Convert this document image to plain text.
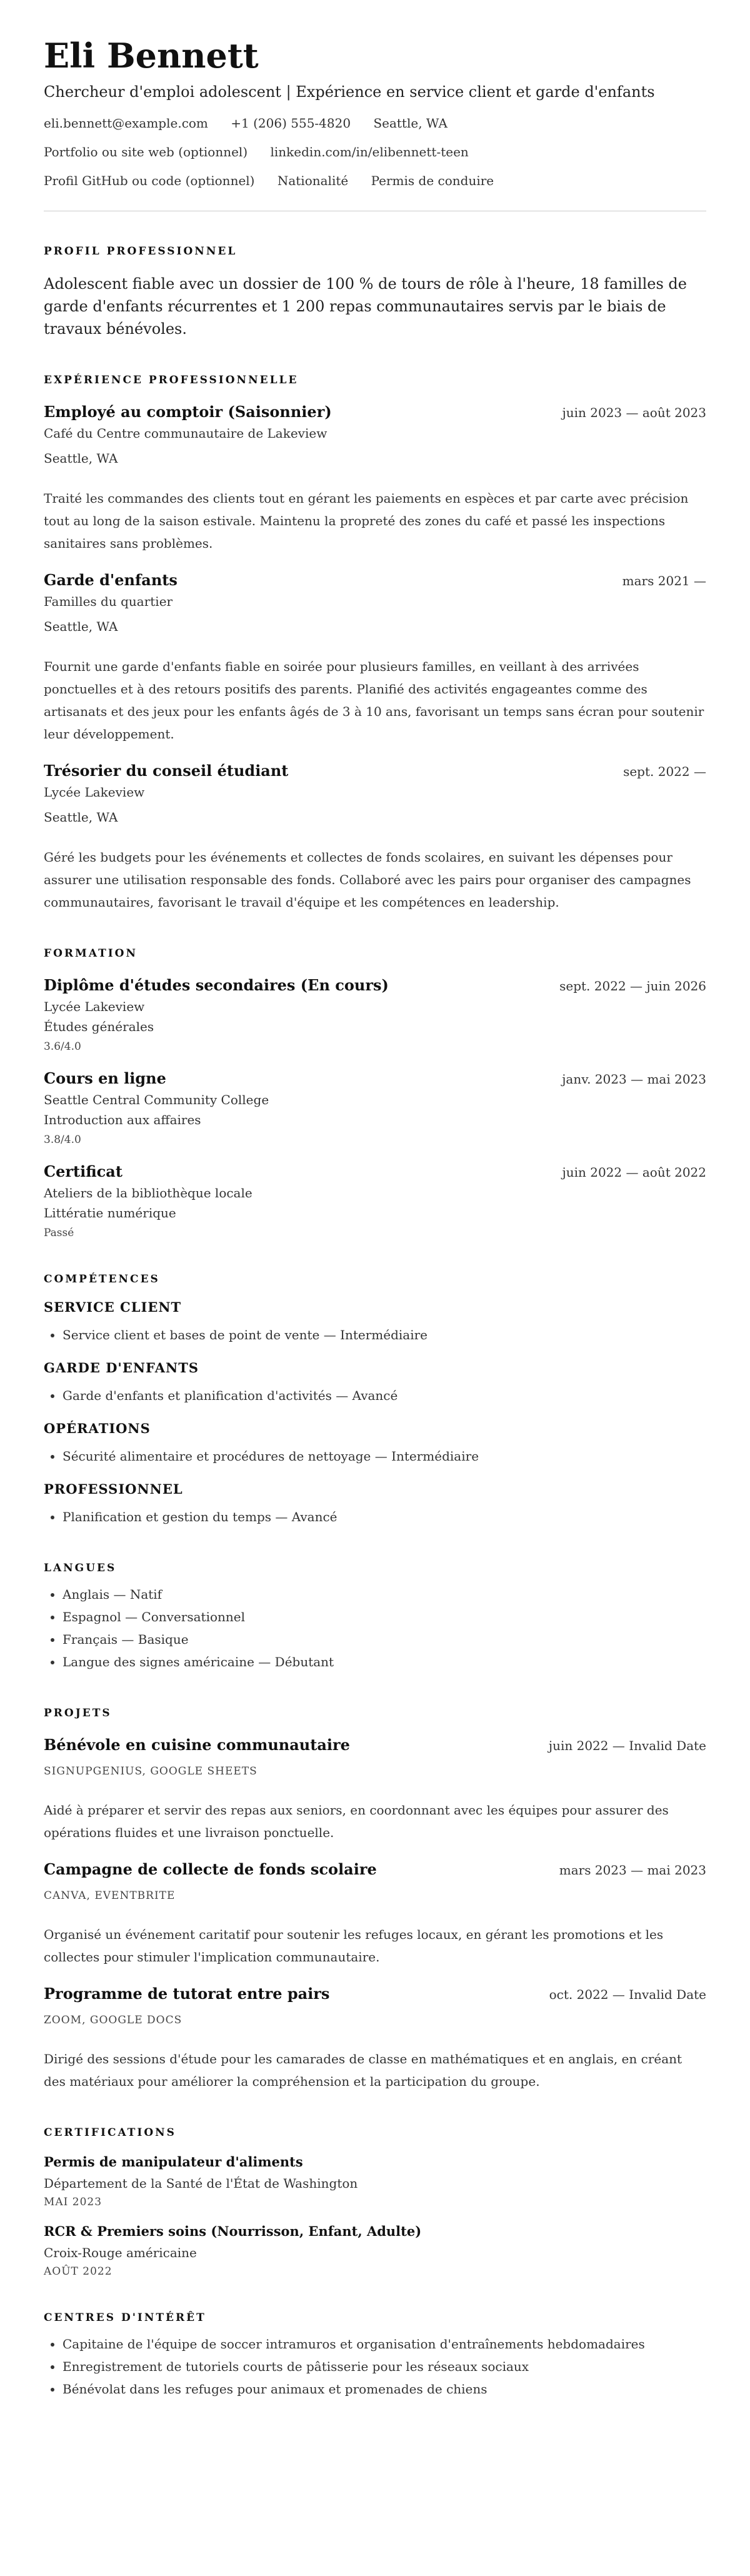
Eli Bennett
Chercheur d'emploi adolescent | Expérience en service client et garde d'enfants
eli.bennett@example.com +1 (206) 555-4820 Seattle, WA
Portfolio ou site web (optionnel) linkedin.com/in/elibennett-teen
Profil GitHub ou code (optionnel) Nationalité Permis de conduire
PROFIL PROFESSIONNEL
Adolescent fiable avec un dossier de 100 % de tours de rôle à l'heure, 18 familles de garde d'enfants récurrentes et 1 200 repas communautaires servis par le biais de travaux bénévoles.
EXPÉRIENCE PROFESSIONNELLE
Employé au comptoir (Saisonnier)	juin 2023 — août 2023
Café du Centre communautaire de Lakeview
Seattle, WA
Traité les commandes des clients tout en gérant les paiements en espèces et par carte avec précision tout au long de la saison estivale. Maintenu la propreté des zones du café et passé les inspections sanitaires sans problèmes.
Garde d'enfants	mars 2021 —
Familles du quartier
Seattle, WA
Fournit une garde d'enfants fiable en soirée pour plusieurs familles, en veillant à des arrivées ponctuelles et à des retours positifs des parents. Planifié des activités engageantes comme des artisanats et des jeux pour les enfants âgés de 3 à 10 ans, favorisant un temps sans écran pour soutenir leur développement.
Trésorier du conseil étudiant	sept. 2022 —
Lycée Lakeview
Seattle, WA
Géré les budgets pour les événements et collectes de fonds scolaires, en suivant les dépenses pour assurer une utilisation responsable des fonds. Collaboré avec les pairs pour organiser des campagnes communautaires, favorisant le travail d'équipe et les compétences en leadership.
FORMATION
Diplôme d'études secondaires (En cours)	sept. 2022 — juin 2026
Lycée Lakeview
Études générales
3.6/4.0
Cours en ligne	janv. 2023 — mai 2023
Seattle Central Community College
Introduction aux affaires
3.8/4.0
Certificat	juin 2022 — août 2022
Ateliers de la bibliothèque locale
Littératie numérique
Passé
COMPÉTENCES
SERVICE CLIENT
• Service client et bases de point de vente — Intermédiaire
GARDE D'ENFANTS
• Garde d'enfants et planification d'activités — Avancé
OPÉRATIONS
• Sécurité alimentaire et procédures de nettoyage — Intermédiaire
PROFESSIONNEL
• Planification et gestion du temps — Avancé
LANGUES
• Anglais — Natif
• Espagnol — Conversationnel
• Français — Basique
• Langue des signes américaine — Débutant
PROJETS
Bénévole en cuisine communautaire	juin 2022 — Invalid Date
SIGNUPGENIUS, GOOGLE SHEETS
Aidé à préparer et servir des repas aux seniors, en coordonnant avec les équipes pour assurer des opérations fluides et une livraison ponctuelle.
Campagne de collecte de fonds scolaire	mars 2023 — mai 2023
CANVA, EVENTBRITE
Organisé un événement caritatif pour soutenir les refuges locaux, en gérant les promotions et les collectes pour stimuler l'implication communautaire.
Programme de tutorat entre pairs	oct. 2022 — Invalid Date
ZOOM, GOOGLE DOCS
Dirigé des sessions d'étude pour les camarades de classe en mathématiques et en anglais, en créant des matériaux pour améliorer la compréhension et la participation du groupe.
CERTIFICATIONS
Permis de manipulateur d'aliments
Département de la Santé de l'État de Washington
MAI 2023
RCR & Premiers soins (Nourrisson, Enfant, Adulte)
Croix-Rouge américaine
AOÛT 2022
CENTRES D'INTÉRÊT
• Capitaine de l'équipe de soccer intramuros et organisation d'entraînements hebdomadaires
• Enregistrement de tutoriels courts de pâtisserie pour les réseaux sociaux
• Bénévolat dans les refuges pour animaux et promenades de chiens
